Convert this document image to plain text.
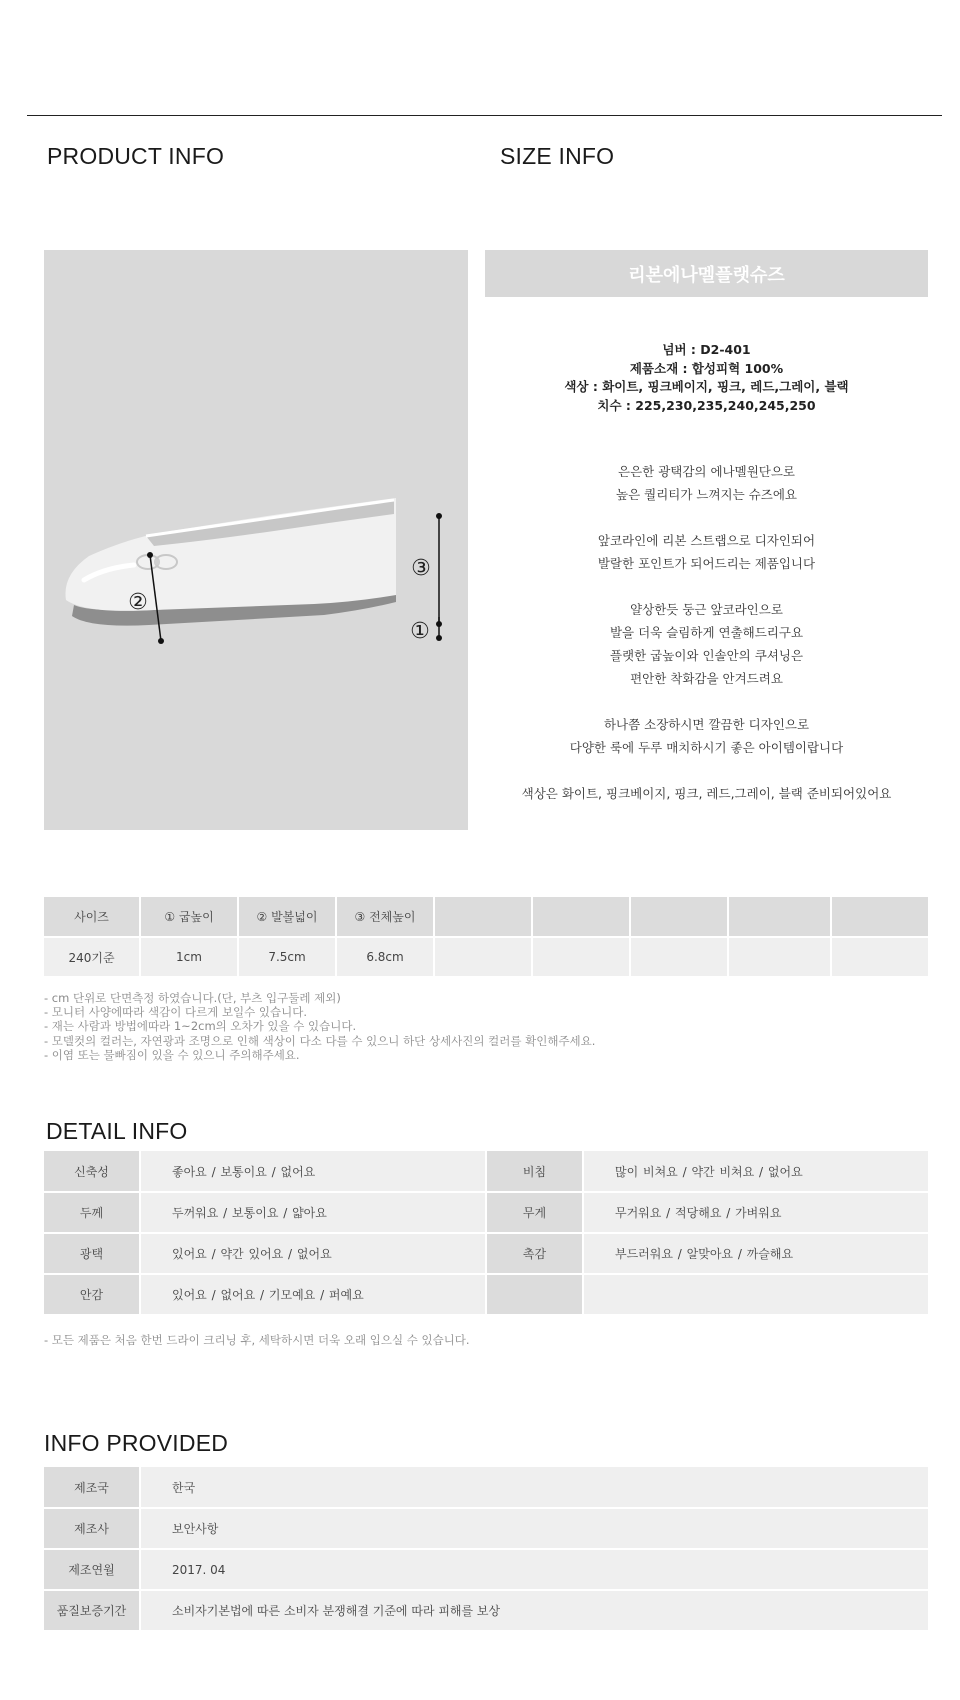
PRODUCT INFO	SIZE INFO
②
③
①
리본에나멜플랫슈즈
넘버 : D2-401
제품소재 : 합성피혁 100%
색상 : 화이트, 핑크베이지, 핑크, 레드,그레이, 블랙
치수 : 225,230,235,240,245,250
은은한 광택감의 에나멜원단으로
높은 퀄리티가 느껴지는 슈즈에요
앞코라인에 리본 스트랩으로 디자인되어
발랄한 포인트가 되어드리는 제품입니다
얄상한듯 둥근 앞코라인으로
발을 더욱 슬림하게 연출해드리구요
플랫한 굽높이와 인솔안의 쿠셔닝은
편안한 착화감을 안겨드려요
하나쯤 소장하시면 깔끔한 디자인으로
다양한 룩에 두루 매치하시기 좋은 아이템이랍니다
색상은 화이트, 핑크베이지, 핑크, 레드,그레이, 블랙 준비되어있어요
사이즈	① 굽높이	② 발볼넓이	③ 전체높이					
240기준	1cm	7.5cm	6.8cm					
- cm 단위로 단면측정 하였습니다.(단, 부츠 입구둘레 제외)
- 모니터 사양에따라 색감이 다르게 보일수 있습니다.
- 재는 사람과 방법에따라 1~2cm의 오차가 있을 수 있습니다.
- 모델컷의 컬러는, 자연광과 조명으로 인해 색상이 다소 다를 수 있으니 하단 상세사진의 컬러를 확인해주세요.
- 이염 또는 물빠짐이 있을 수 있으니 주의해주세요.
DETAIL INFO
신축성	좋아요 / 보통이요 / 없어요	비침	많이 비쳐요 / 약간 비쳐요 / 없어요
두께	두꺼워요 / 보통이요 / 얇아요	무게	무거워요 / 적당해요 / 가벼워요
광택	있어요 / 약간 있어요 / 없어요	촉감	부드러워요 / 알맞아요 / 까슬해요
안감	있어요 / 없어요 / 기모예요 / 퍼예요		
- 모든 제품은 처음 한번 드라이 크리닝 후, 세탁하시면 더욱 오래 입으실 수 있습니다.
INFO PROVIDED
제조국	한국
제조사	보안사항
제조연월	2017. 04
품질보증기간	소비자기본법에 따른 소비자 분쟁해결 기준에 따라 피해를 보상
